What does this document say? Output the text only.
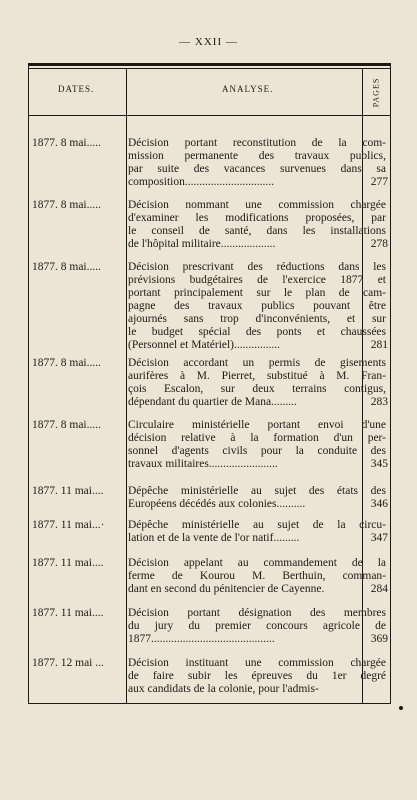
— XXII —
DATES.	ANALYSE.	PAGES
1877. 8 mai.....	Décision portant reconstitution de la com-
mission permanente des travaux publics,
par suite des vacances survenues dans sa
composition...............................	277
1877. 8 mai.....	Décision nommant une commission chargée
d'examiner les modifications proposées, par
le conseil de santé, dans les installations
de l'hôpital militaire...................	278
1877. 8 mai.....	Décision prescrivant des réductions dans les
prévisions budgétaires de l'exercice 1877 et
portant principalement sur le plan de cam-
pagne des travaux publics pouvant être
ajournés sans trop d'inconvénients, et sur
le budget spécial des ponts et chaussées
(Personnel et Matériel)................	281
1877. 8 mai.....	Décision accordant un permis de gisements
aurifères à M. Pierret, substitué à M. Fran-
çois Escalon, sur deux terrains contigus,
dépendant du quartier de Mana.........	283
1877. 8 mai.....	Circulaire ministérielle portant envoi d'une
décision relative à la formation d'un per-
sonnel d'agents civils pour la conduite des
travaux militaires........................	345
1877. 11 mai....	Dépêche ministérielle au sujet des états des
Européens décédés aux colonies..........	346
1877. 11 mai...·	Dépêche ministérielle au sujet de la circu-
lation et de la vente de l'or natif.........	347
1877. 11 mai....	Décision appelant au commandement de la
ferme de Kourou M. Berthuin, comman-
dant en second du pénitencier de Cayenne.	284
1877. 11 mai....	Décision portant désignation des membres
du jury du premier concours agricole de
1877...........................................	369
1877. 12 mai ...	Décision instituant une commission chargée
de faire subir les épreuves du 1er degré
aux candidats de la colonie, pour l'admis-
